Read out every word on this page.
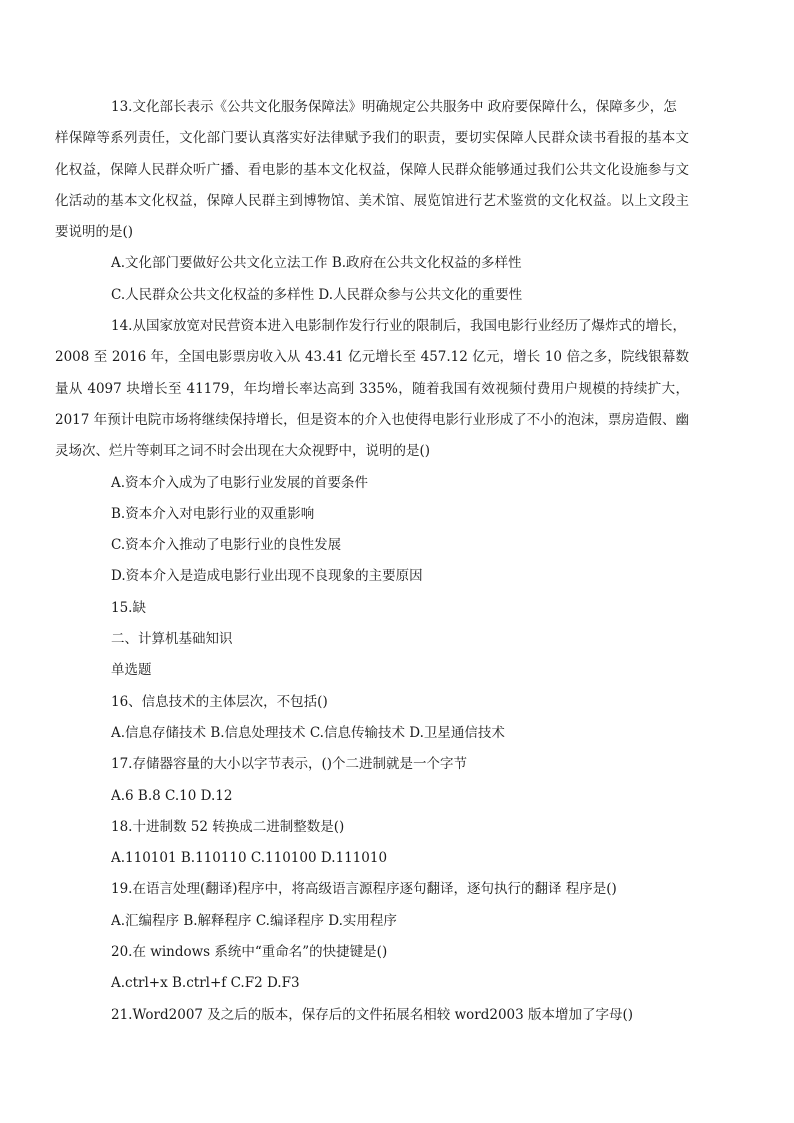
13.文化部长表示《公共文化服务保障法》明确规定公共服务中 政府要保障什么，保障多少，怎

样保障等系列责任，文化部门要认真落实好法律赋予我们的职责，要切实保障人民群众读书看报的基本文化权益，保障人民群众听广播、看电影的基本文化权益，保障人民群众能够通过我们公共文化设施参与文化活动的基本文化权益，保障人民群主到博物馆、美术馆、展览馆进行艺术鉴赏的文化权益。以上文段主要说明的是()

A.文化部门要做好公共文化立法工作 B.政府在公共文化权益的多样性
C.人民群众公共文化权益的多样性 D.人民群众参与公共文化的重要性
14.从国家放宽对民营资本进入电影制作发行行业的限制后，我国电影行业经历了爆炸式的增长，

2008 至 2016 年，全国电影票房收入从 43.41 亿元增长至 457.12 亿元，增长 10 倍之多，院线银幕数量从 4097 块增长至 41179，年均增长率达高到 335%，随着我国有效视频付费用户规模的持续扩大，2017 年预计电院市场将继续保持增长，但是资本的介入也使得电影行业形成了不小的泡沫，票房造假、幽灵场次、烂片等刺耳之词不时会出现在大众视野中，说明的是()

A.资本介入成为了电影行业发展的首要条件
B.资本介入对电影行业的双重影响
C.资本介入推动了电影行业的良性发展
D.资本介入是造成电影行业出现不良现象的主要原因
15.缺
二、计算机基础知识
单选题
16、信息技术的主体层次，不包括()
A.信息存储技术 B.信息处理技术 C.信息传输技术 D.卫星通信技术
17.存储器容量的大小以字节表示，()个二进制就是一个字节
A.6 B.8 C.10 D.12
18.十进制数 52 转换成二进制整数是()
A.110101 B.110110 C.110100 D.111010
19.在语言处理(翻译)程序中，将高级语言源程序逐句翻译，逐句执行的翻译 程序是()
A.汇编程序 B.解释程序 C.编译程序 D.实用程序
20.在 windows 系统中“重命名”的快捷键是()
A.ctrl+x B.ctrl+f C.F2 D.F3
21.Word2007 及之后的版本，保存后的文件拓展名相较 word2003 版本增加了字母()
